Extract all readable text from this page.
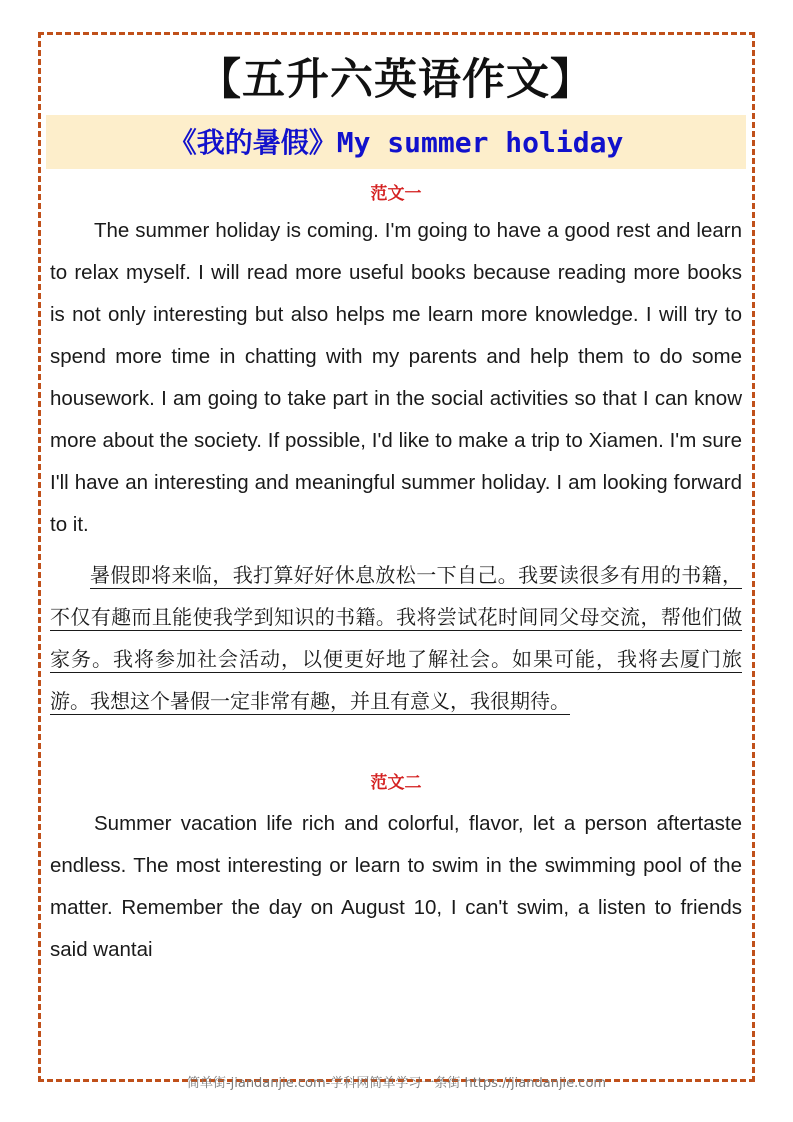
【五升六英语作文】
《我的暑假》My summer holiday
范文一

The summer holiday is coming. I'm going to have a good rest and learn to relax myself. I will read more useful books because reading more books is not only interesting but also helps me learn more knowledge. I will try to spend more time in chatting with my parents and help them to do some housework. I am going to take part in the social activities so that I can know more about the society. If possible, I'd like to make a trip to Xiamen. I'm sure I'll have an interesting and meaningful summer holiday. I am looking forward to it.

暑假即将来临，我打算好好休息放松一下自己。我要读很多有用的书籍，不仅有趣而且能使我学到知识的书籍。我将尝试花时间同父母交流，帮他们做家务。我将参加社会活动，以便更好地了解社会。如果可能，我将去厦门旅游。我想这个暑假一定非常有趣，并且有意义，我很期待。

范文二

Summer vacation life rich and colorful, flavor, let a person aftertaste endless. The most interesting or learn to swim in the swimming pool of the matter. Remember the day on August 10, I can't swim, a listen to friends said wantai

简单街-jiandanjie.com-学科网简单学习一条街 https://jiandanjie.com
